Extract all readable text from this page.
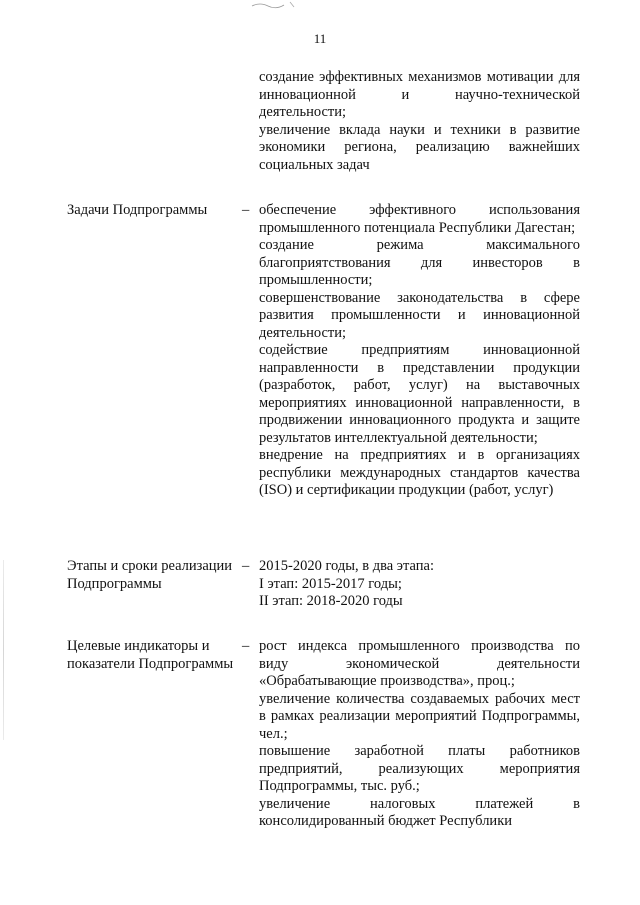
11

создание эффективных механизмов мотивации для инновационной и научно-технической деятельности;

увеличение вклада науки и техники в развитие экономики региона, реализацию важнейших социальных задач

Задачи Подпрограммы	– обеспечение эффективного использования промышленного потенциала Республики Дагестан;

создание режима максимального благоприятствования для инвесторов в промышленности;

совершенствование законодательства в сфере развития промышленности и инновационной деятельности;

содействие предприятиям инновационной направленности в представлении продукции (разработок, работ, услуг) на выставочных мероприятиях инновационной направленности, в продвижении инновационного продукта и защите результатов интеллектуальной деятельности;

внедрение на предприятиях и в организациях республики международных стандартов качества (ISO) и сертификации продукции (работ, услуг)

Этапы и сроки реализации Подпрограммы
– 2015-2020 годы, в два этапа:

I этап: 2015-2017 годы;

II этап: 2018-2020 годы

Целевые индикаторы и показатели Подпрограммы
– рост индекса промышленного производства по виду экономической деятельности «Обрабатывающие производства», проц.;

увеличение количества создаваемых рабочих мест в рамках реализации мероприятий Подпрограммы, чел.;

повышение заработной платы работников предприятий, реализующих мероприятия Подпрограммы, тыс. руб.;

увеличение налоговых платежей в консолидированный бюджет Республики
